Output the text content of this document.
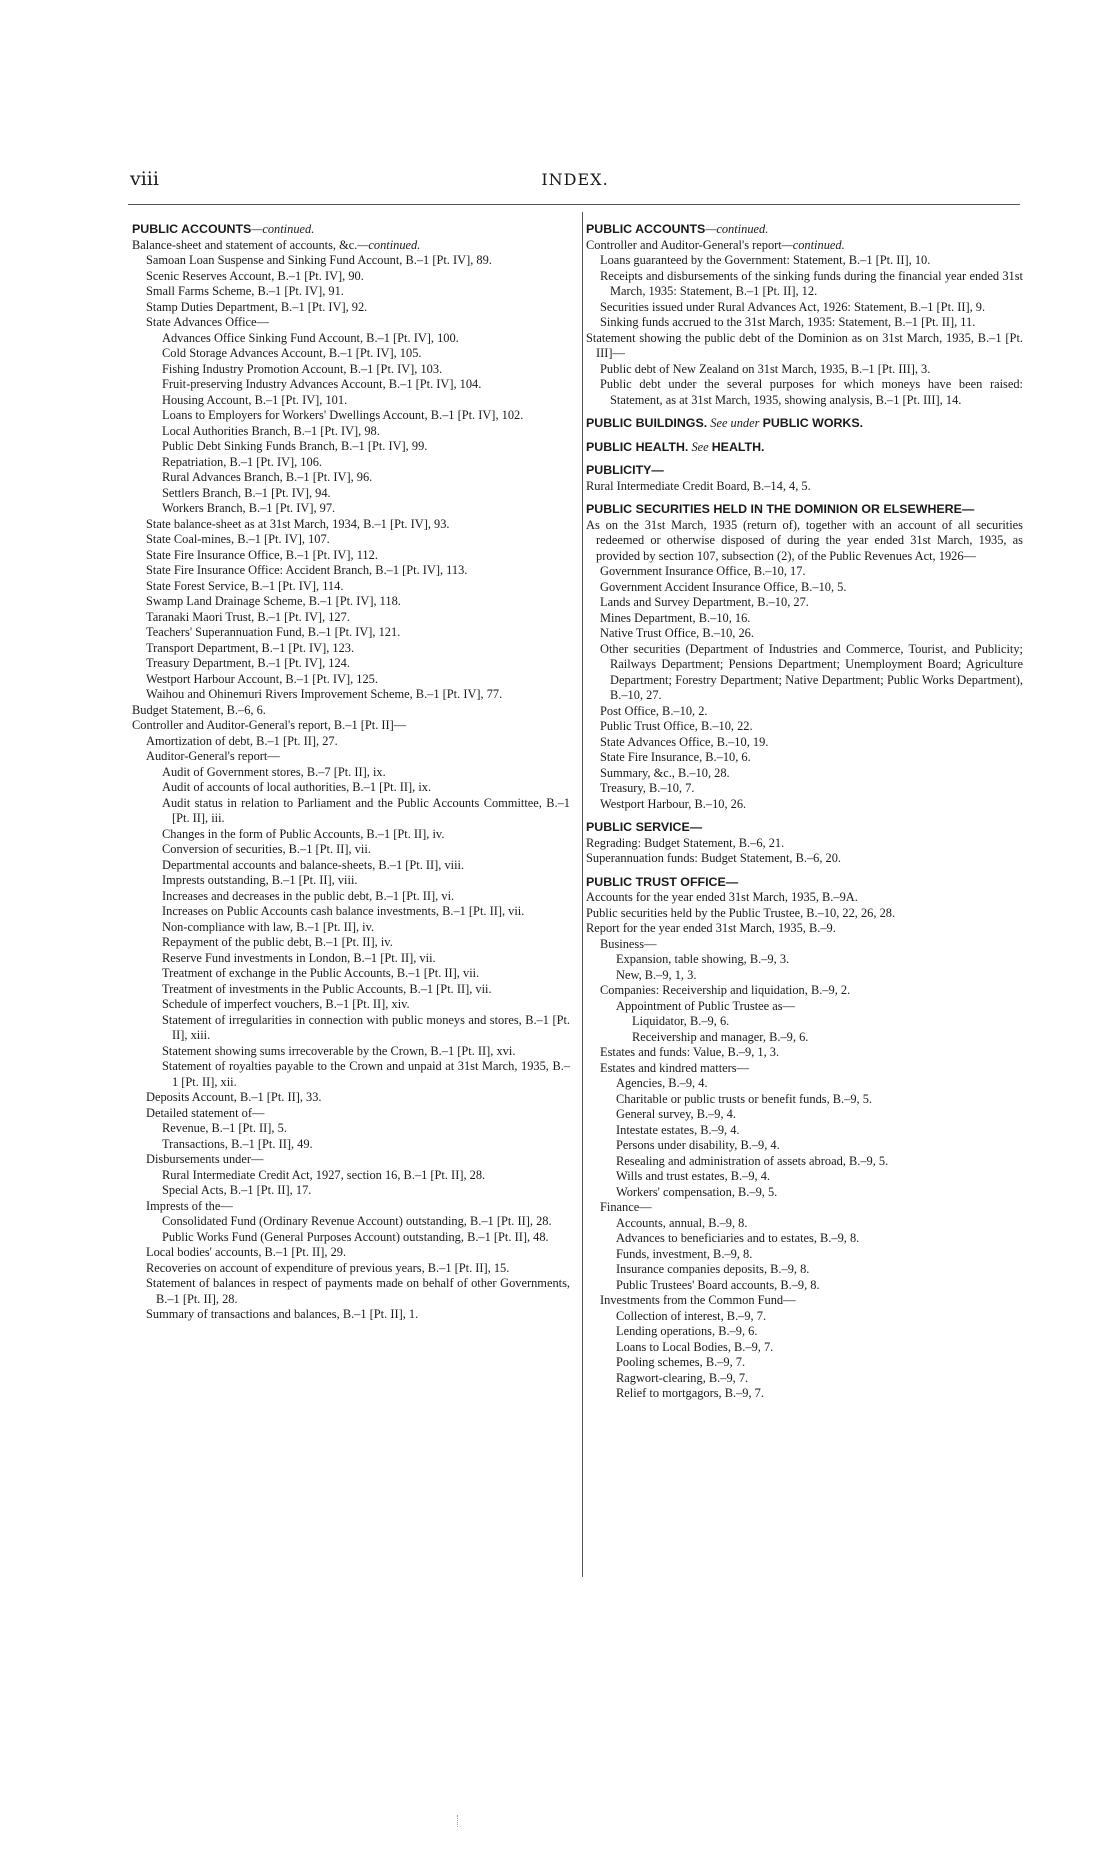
viii	INDEX.
PUBLIC ACCOUNTS—continued.
Balance-sheet and statement of accounts, &c.—continued.
Samoan Loan Suspense and Sinking Fund Account, B.–1 [Pt. IV], 89.
Scenic Reserves Account, B.–1 [Pt. IV], 90.
Small Farms Scheme, B.–1 [Pt. IV], 91.
Stamp Duties Department, B.–1 [Pt. IV], 92.
State Advances Office—
Advances Office Sinking Fund Account, B.–1 [Pt. IV], 100.
Cold Storage Advances Account, B.–1 [Pt. IV], 105.
Fishing Industry Promotion Account, B.–1 [Pt. IV], 103.
Fruit-preserving Industry Advances Account, B.–1 [Pt. IV], 104.
Housing Account, B.–1 [Pt. IV], 101.
Loans to Employers for Workers' Dwellings Account, B.–1 [Pt. IV], 102.
Local Authorities Branch, B.–1 [Pt. IV], 98.
Public Debt Sinking Funds Branch, B.–1 [Pt. IV], 99.
Repatriation, B.–1 [Pt. IV], 106.
Rural Advances Branch, B.–1 [Pt. IV], 96.
Settlers Branch, B.–1 [Pt. IV], 94.
Workers Branch, B.–1 [Pt. IV], 97.
State balance-sheet as at 31st March, 1934, B.–1 [Pt. IV], 93.
State Coal-mines, B.–1 [Pt. IV], 107.
State Fire Insurance Office, B.–1 [Pt. IV], 112.
State Fire Insurance Office: Accident Branch, B.–1 [Pt. IV], 113.
State Forest Service, B.–1 [Pt. IV], 114.
Swamp Land Drainage Scheme, B.–1 [Pt. IV], 118.
Taranaki Maori Trust, B.–1 [Pt. IV], 127.
Teachers' Superannuation Fund, B.–1 [Pt. IV], 121.
Transport Department, B.–1 [Pt. IV], 123.
Treasury Department, B.–1 [Pt. IV], 124.
Westport Harbour Account, B.–1 [Pt. IV], 125.
Waihou and Ohinemuri Rivers Improvement Scheme, B.–1 [Pt. IV], 77.
Budget Statement, B.–6, 6.
Controller and Auditor-General's report, B.–1 [Pt. II]—
Amortization of debt, B.–1 [Pt. II], 27.
Auditor-General's report—
Audit of Government stores, B.–7 [Pt. II], ix.
Audit of accounts of local authorities, B.–1 [Pt. II], ix.
Audit status in relation to Parliament and the Public Accounts Committee, B.–1 [Pt. II], iii.
Changes in the form of Public Accounts, B.–1 [Pt. II], iv.
Conversion of securities, B.–1 [Pt. II], vii.
Departmental accounts and balance-sheets, B.–1 [Pt. II], viii.
Imprests outstanding, B.–1 [Pt. II], viii.
Increases and decreases in the public debt, B.–1 [Pt. II], vi.
Increases on Public Accounts cash balance investments, B.–1 [Pt. II], vii.
Non-compliance with law, B.–1 [Pt. II], iv.
Repayment of the public debt, B.–1 [Pt. II], iv.
Reserve Fund investments in London, B.–1 [Pt. II], vii.
Treatment of exchange in the Public Accounts, B.–1 [Pt. II], vii.
Treatment of investments in the Public Accounts, B.–1 [Pt. II], vii.
Schedule of imperfect vouchers, B.–1 [Pt. II], xiv.
Statement of irregularities in connection with public moneys and stores, B.–1 [Pt. II], xiii.
Statement showing sums irrecoverable by the Crown, B.–1 [Pt. II], xvi.
Statement of royalties payable to the Crown and unpaid at 31st March, 1935, B.–1 [Pt. II], xii.
Deposits Account, B.–1 [Pt. II], 33.
Detailed statement of—
Revenue, B.–1 [Pt. II], 5.
Transactions, B.–1 [Pt. II], 49.
Disbursements under—
Rural Intermediate Credit Act, 1927, section 16, B.–1 [Pt. II], 28.
Special Acts, B.–1 [Pt. II], 17.
Imprests of the—
Consolidated Fund (Ordinary Revenue Account) outstanding, B.–1 [Pt. II], 28.
Public Works Fund (General Purposes Account) outstanding, B.–1 [Pt. II], 48.
Local bodies' accounts, B.–1 [Pt. II], 29.
Recoveries on account of expenditure of previous years, B.–1 [Pt. II], 15.
Statement of balances in respect of payments made on behalf of other Governments, B.–1 [Pt. II], 28.
Summary of transactions and balances, B.–1 [Pt. II], 1.
PUBLIC ACCOUNTS—continued.
Controller and Auditor-General's report—continued.
Loans guaranteed by the Government: Statement, B.–1 [Pt. II], 10.
Receipts and disbursements of the sinking funds during the financial year ended 31st March, 1935: Statement, B.–1 [Pt. II], 12.
Securities issued under Rural Advances Act, 1926: Statement, B.–1 [Pt. II], 9.
Sinking funds accrued to the 31st March, 1935: Statement, B.–1 [Pt. II], 11.
Statement showing the public debt of the Dominion as on 31st March, 1935, B.–1 [Pt. III]—
Public debt of New Zealand on 31st March, 1935, B.–1 [Pt. III], 3.
Public debt under the several purposes for which moneys have been raised: Statement, as at 31st March, 1935, showing analysis, B.–1 [Pt. III], 14.
PUBLIC BUILDINGS. See under PUBLIC WORKS.
PUBLIC HEALTH. See HEALTH.
PUBLICITY—
Rural Intermediate Credit Board, B.–14, 4, 5.
PUBLIC SECURITIES HELD IN THE DOMINION OR ELSEWHERE—
As on the 31st March, 1935 (return of), together with an account of all securities redeemed or otherwise disposed of during the year ended 31st March, 1935, as provided by section 107, subsection (2), of the Public Revenues Act, 1926—
Government Insurance Office, B.–10, 17.
Government Accident Insurance Office, B.–10, 5.
Lands and Survey Department, B.–10, 27.
Mines Department, B.–10, 16.
Native Trust Office, B.–10, 26.
Other securities (Department of Industries and Commerce, Tourist, and Publicity; Railways Department; Pensions Department; Unemployment Board; Agriculture Department; Forestry Department; Native Department; Public Works Department), B.–10, 27.
Post Office, B.–10, 2.
Public Trust Office, B.–10, 22.
State Advances Office, B.–10, 19.
State Fire Insurance, B.–10, 6.
Summary, &c., B.–10, 28.
Treasury, B.–10, 7.
Westport Harbour, B.–10, 26.
PUBLIC SERVICE—
Regrading: Budget Statement, B.–6, 21.
Superannuation funds: Budget Statement, B.–6, 20.
PUBLIC TRUST OFFICE—
Accounts for the year ended 31st March, 1935, B.–9A.
Public securities held by the Public Trustee, B.–10, 22, 26, 28.
Report for the year ended 31st March, 1935, B.–9.
Business—
Expansion, table showing, B.–9, 3.
New, B.–9, 1, 3.
Companies: Receivership and liquidation, B.–9, 2.
Appointment of Public Trustee as—
Liquidator, B.–9, 6.
Receivership and manager, B.–9, 6.
Estates and funds: Value, B.–9, 1, 3.
Estates and kindred matters—
Agencies, B.–9, 4.
Charitable or public trusts or benefit funds, B.–9, 5.
General survey, B.–9, 4.
Intestate estates, B.–9, 4.
Persons under disability, B.–9, 4.
Resealing and administration of assets abroad, B.–9, 5.
Wills and trust estates, B.–9, 4.
Workers' compensation, B.–9, 5.
Finance—
Accounts, annual, B.–9, 8.
Advances to beneficiaries and to estates, B.–9, 8.
Funds, investment, B.–9, 8.
Insurance companies deposits, B.–9, 8.
Public Trustees' Board accounts, B.–9, 8.
Investments from the Common Fund—
Collection of interest, B.–9, 7.
Lending operations, B.–9, 6.
Loans to Local Bodies, B.–9, 7.
Pooling schemes, B.–9, 7.
Ragwort-clearing, B.–9, 7.
Relief to mortgagors, B.–9, 7.
